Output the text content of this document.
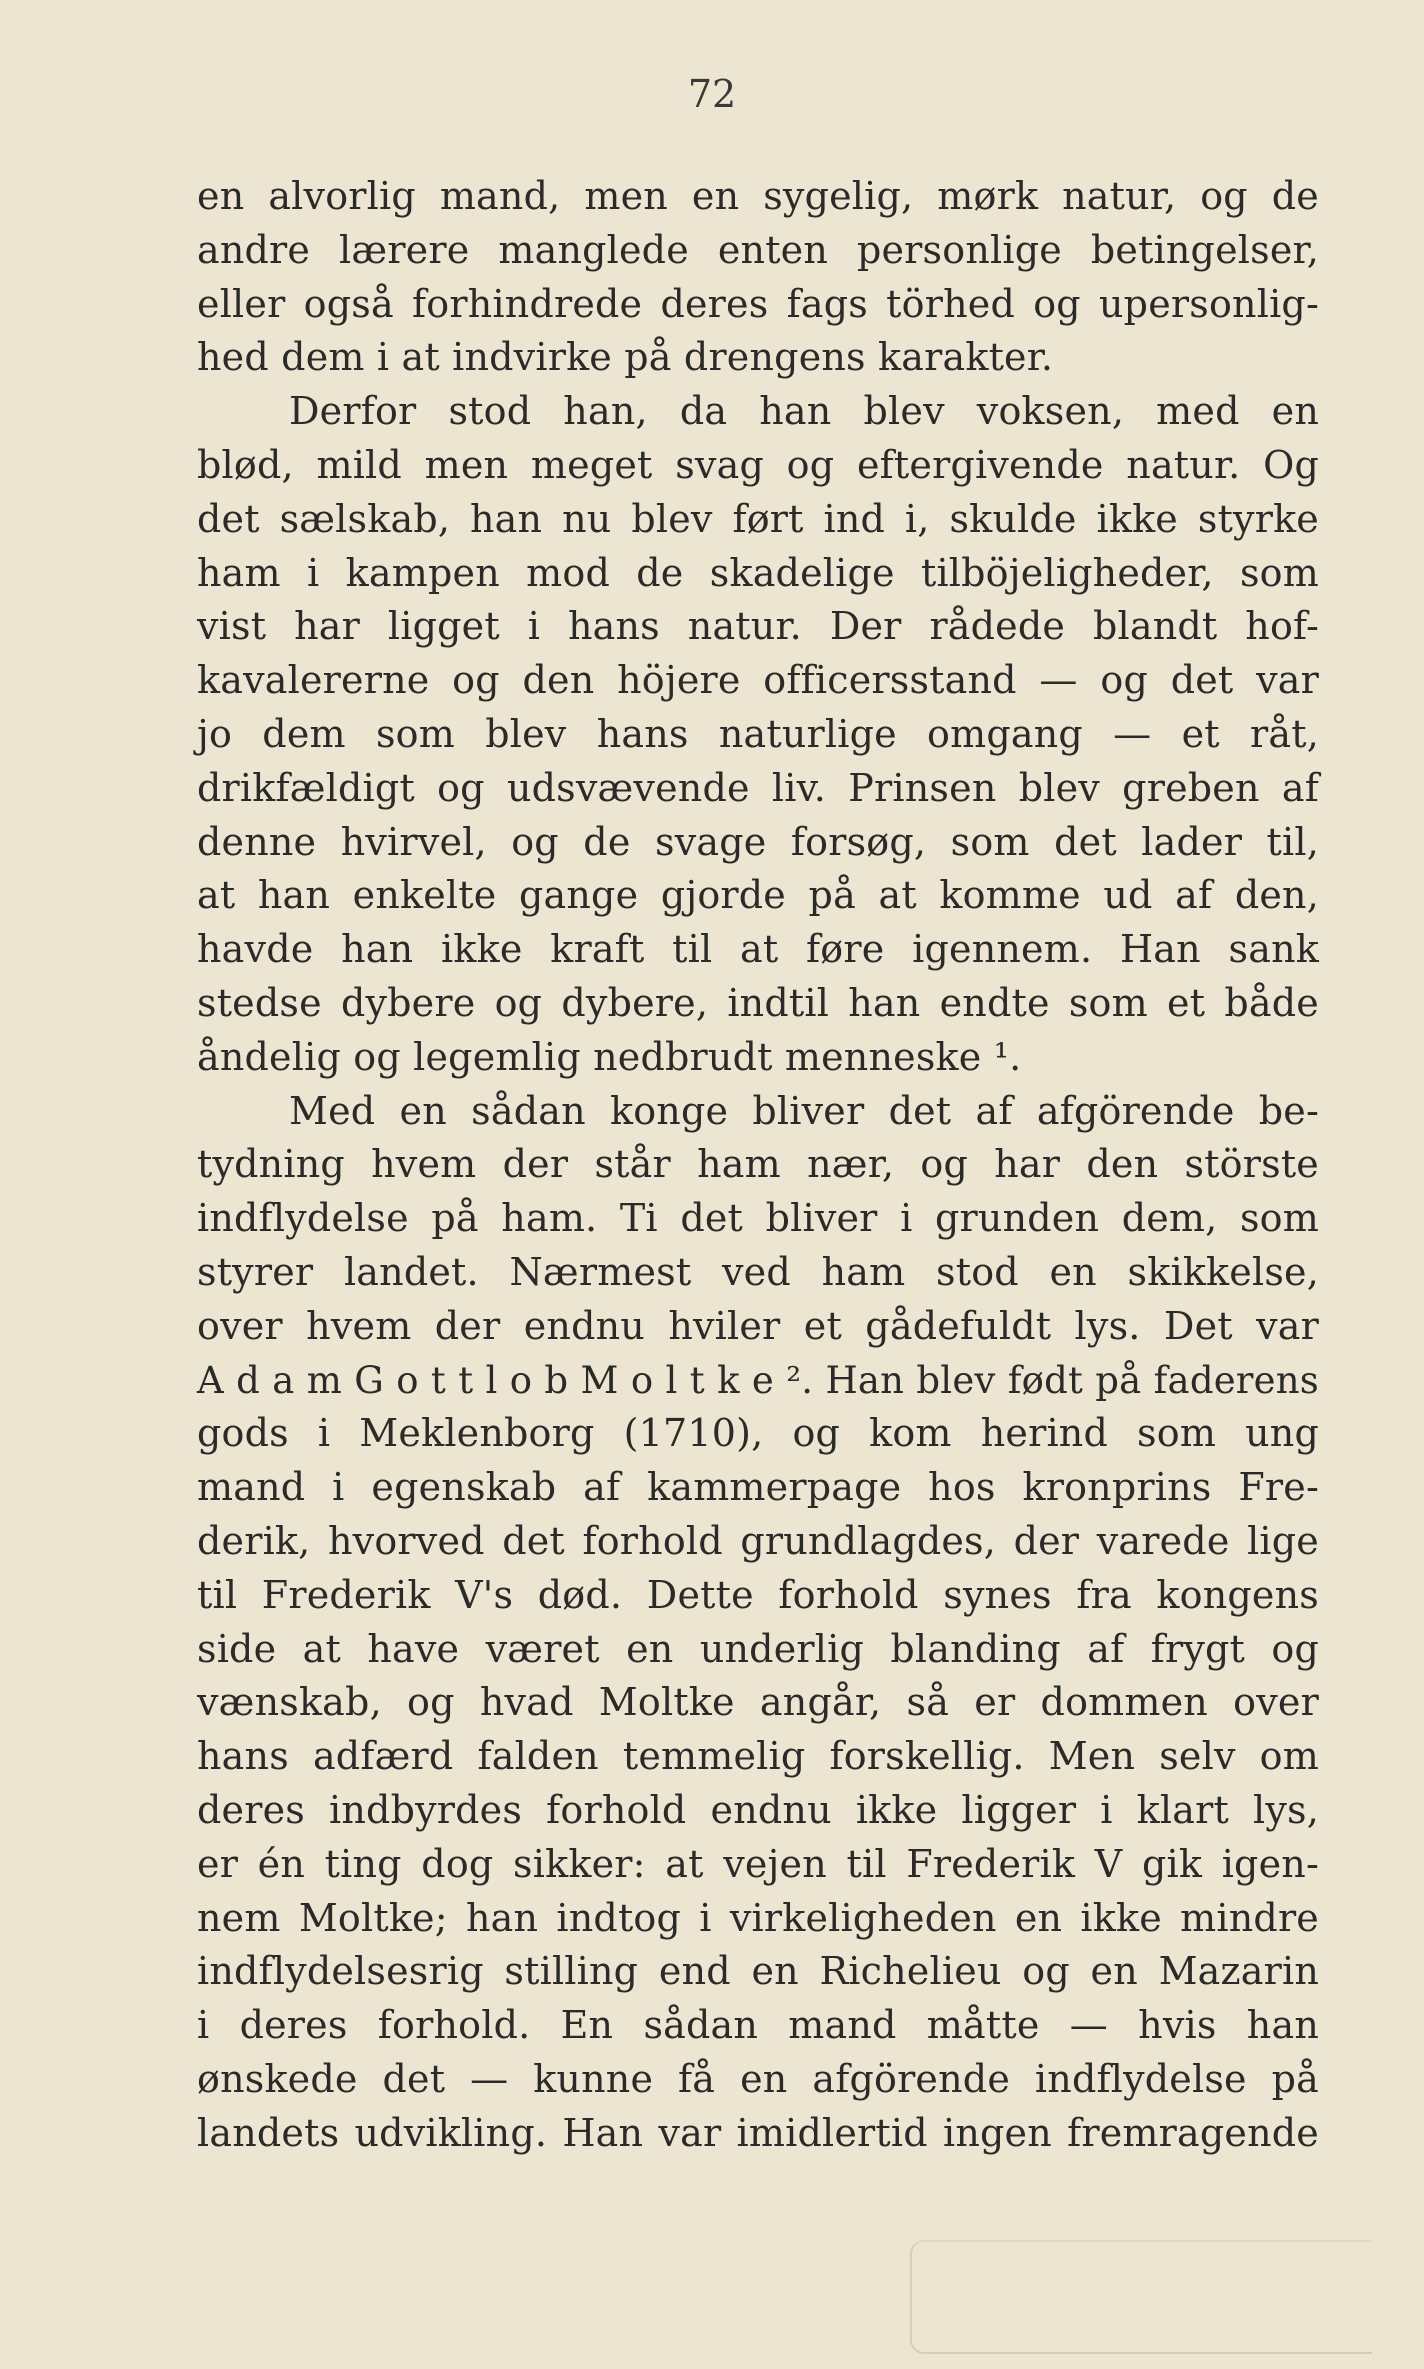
72
en alvorlig mand, men en sygelig, mørk natur, og de
andre lærere manglede enten personlige betingelser,
eller også forhindrede deres fags törhed og upersonlig-
hed dem i at indvirke på drengens karakter.
Derfor stod han, da han blev voksen, med en
blød, mild men meget svag og eftergivende natur. Og
det sælskab, han nu blev ført ind i, skulde ikke styrke
ham i kampen mod de skadelige tilböjeligheder, som
vist har ligget i hans natur. Der rådede blandt hof-
kavalererne og den höjere officersstand — og det var
jo dem som blev hans naturlige omgang — et råt,
drikfældigt og udsvævende liv. Prinsen blev greben af
denne hvirvel, og de svage forsøg, som det lader til,
at han enkelte gange gjorde på at komme ud af den,
havde han ikke kraft til at føre igennem. Han sank
stedse dybere og dybere, indtil han endte som et både
åndelig og legemlig nedbrudt menneske ¹.
Med en sådan konge bliver det af afgörende be-
tydning hvem der står ham nær, og har den störste
indflydelse på ham. Ti det bliver i grunden dem, som
styrer landet. Nærmest ved ham stod en skikkelse,
over hvem der endnu hviler et gådefuldt lys. Det var
A d a m G o t t l o b M o l t k e ². Han blev født på faderens
gods i Meklenborg (1710), og kom herind som ung
mand i egenskab af kammerpage hos kronprins Fre-
derik, hvorved det forhold grundlagdes, der varede lige
til Frederik V's død. Dette forhold synes fra kongens
side at have været en underlig blanding af frygt og
vænskab, og hvad Moltke angår, så er dommen over
hans adfærd falden temmelig forskellig. Men selv om
deres indbyrdes forhold endnu ikke ligger i klart lys,
er én ting dog sikker: at vejen til Frederik V gik igen-
nem Moltke; han indtog i virkeligheden en ikke mindre
indflydelsesrig stilling end en Richelieu og en Mazarin
i deres forhold. En sådan mand måtte — hvis han
ønskede det — kunne få en afgörende indflydelse på
landets udvikling. Han var imidlertid ingen fremragende
